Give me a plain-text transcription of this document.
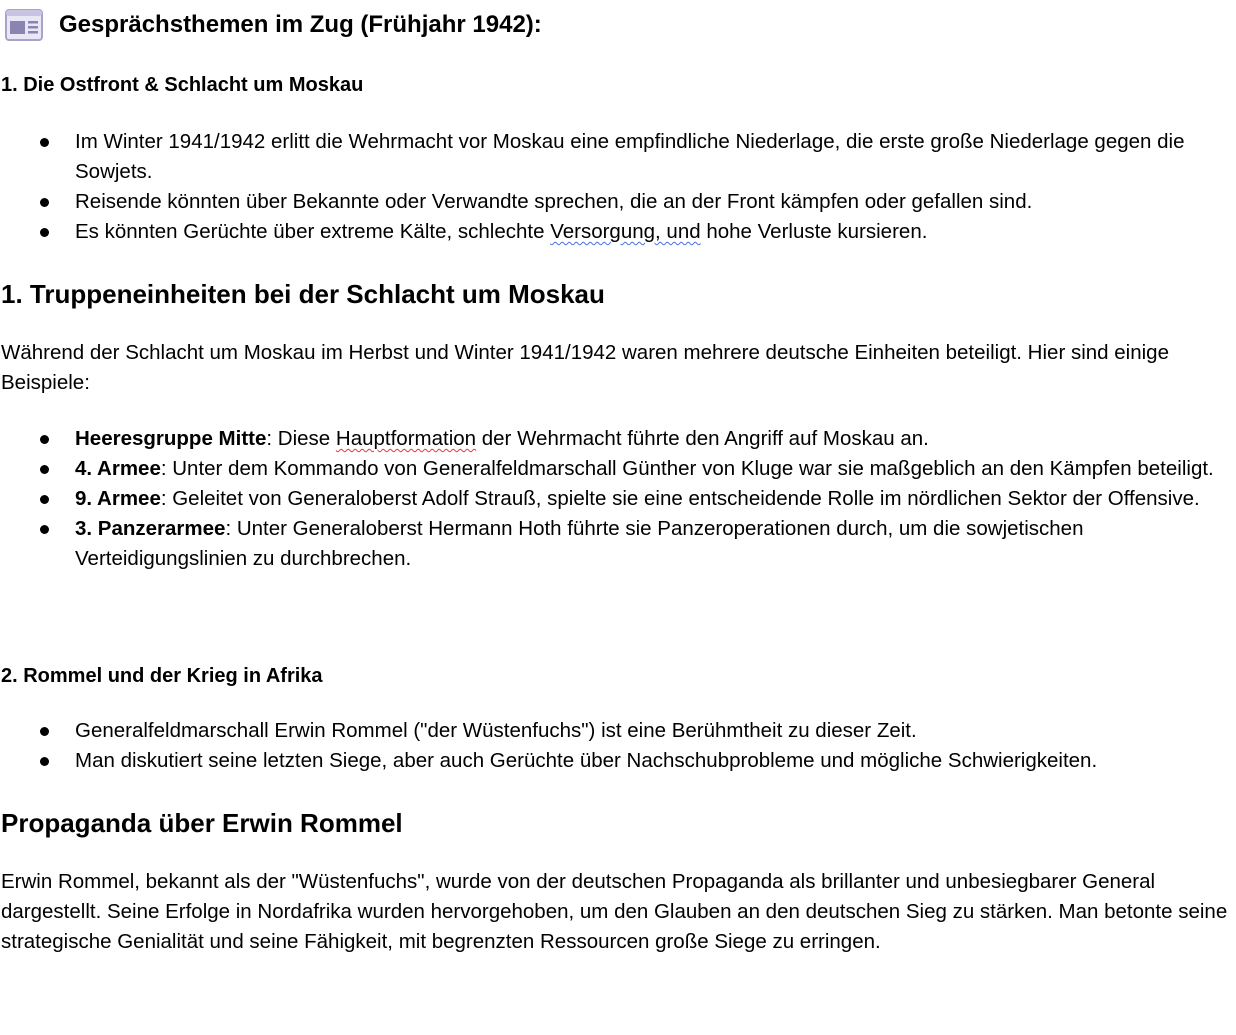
Gesprächsthemen im Zug (Frühjahr 1942):
1. Die Ostfront & Schlacht um Moskau
Im Winter 1941/1942 erlitt die Wehrmacht vor Moskau eine empfindliche Niederlage, die erste große Niederlage gegen die Sowjets.
Reisende könnten über Bekannte oder Verwandte sprechen, die an der Front kämpfen oder gefallen sind.
Es könnten Gerüchte über extreme Kälte, schlechte Versorgung, und hohe Verluste kursieren.
1. Truppeneinheiten bei der Schlacht um Moskau
Während der Schlacht um Moskau im Herbst und Winter 1941/1942 waren mehrere deutsche Einheiten beteiligt. Hier sind einige Beispiele:
Heeresgruppe Mitte: Diese Hauptformation der Wehrmacht führte den Angriff auf Moskau an.
4. Armee: Unter dem Kommando von Generalfeldmarschall Günther von Kluge war sie maßgeblich an den Kämpfen beteiligt.
9. Armee: Geleitet von Generaloberst Adolf Strauß, spielte sie eine entscheidende Rolle im nördlichen Sektor der Offensive.
3. Panzerarmee: Unter Generaloberst Hermann Hoth führte sie Panzeroperationen durch, um die sowjetischen Verteidigungslinien zu durchbrechen.
2. Rommel und der Krieg in Afrika
Generalfeldmarschall Erwin Rommel ("der Wüstenfuchs") ist eine Berühmtheit zu dieser Zeit.
Man diskutiert seine letzten Siege, aber auch Gerüchte über Nachschubprobleme und mögliche Schwierigkeiten.
Propaganda über Erwin Rommel
Erwin Rommel, bekannt als der "Wüstenfuchs", wurde von der deutschen Propaganda als brillanter und unbesiegbarer General dargestellt. Seine Erfolge in Nordafrika wurden hervorgehoben, um den Glauben an den deutschen Sieg zu stärken. Man betonte seine strategische Genialität und seine Fähigkeit, mit begrenzten Ressourcen große Siege zu erringen.
